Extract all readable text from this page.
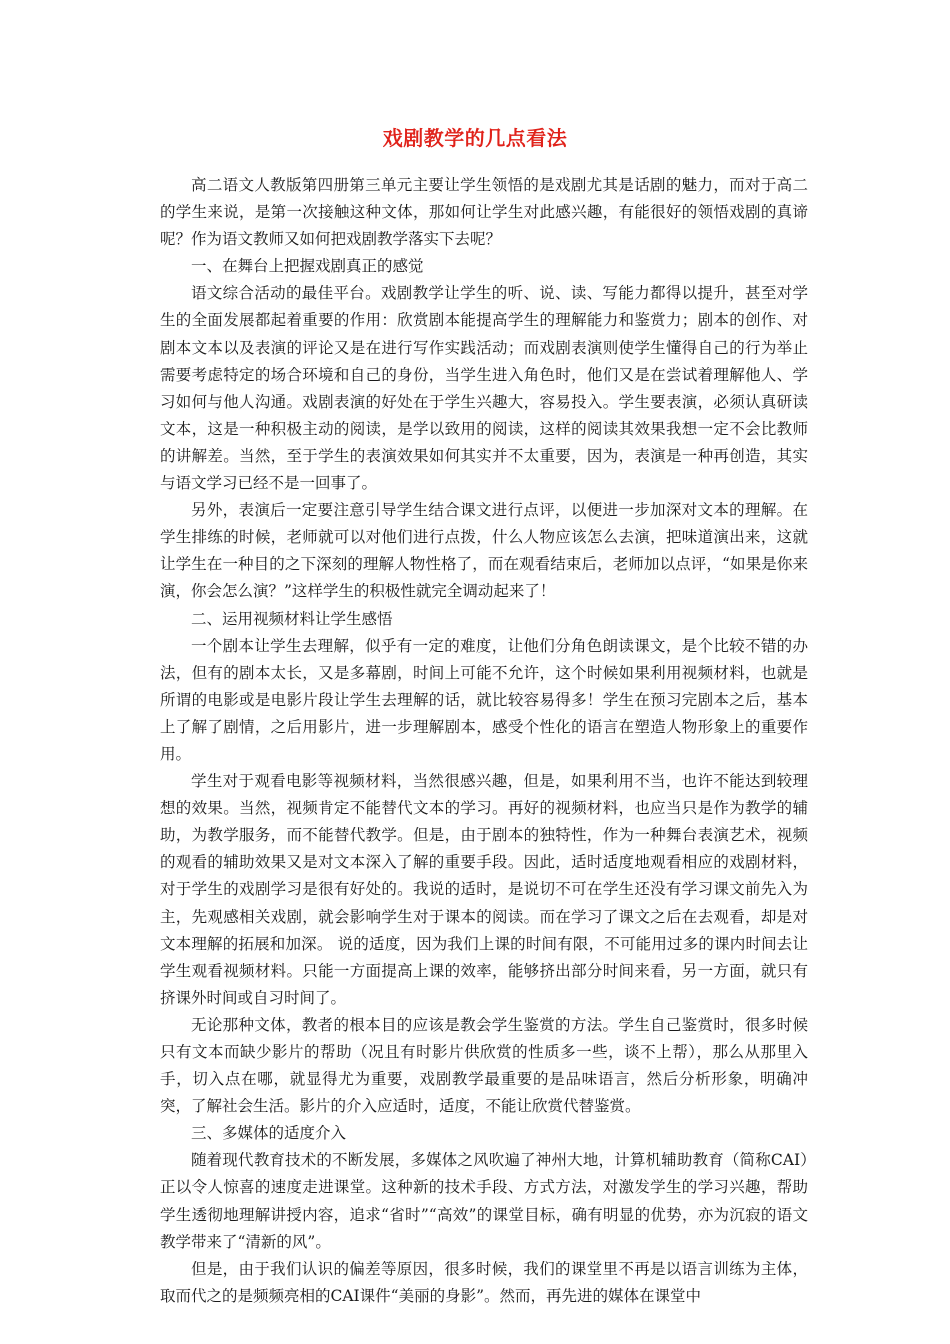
戏剧教学的几点看法

高二语文人教版第四册第三单元主要让学生领悟的是戏剧尤其是话剧的魅力，而对于高二的学生来说，是第一次接触这种文体，那如何让学生对此感兴趣，有能很好的领悟戏剧的真谛呢？作为语文教师又如何把戏剧教学落实下去呢？

一、在舞台上把握戏剧真正的感觉

语文综合活动的最佳平台。戏剧教学让学生的听、说、读、写能力都得以提升，甚至对学生的全面发展都起着重要的作用：欣赏剧本能提高学生的理解能力和鉴赏力；剧本的创作、对剧本文本以及表演的评论又是在进行写作实践活动；而戏剧表演则使学生懂得自己的行为举止需要考虑特定的场合环境和自己的身份，当学生进入角色时，他们又是在尝试着理解他人、学习如何与他人沟通。戏剧表演的好处在于学生兴趣大，容易投入。学生要表演，必须认真研读文本，这是一种积极主动的阅读，是学以致用的阅读，这样的阅读其效果我想一定不会比教师的讲解差。当然，至于学生的表演效果如何其实并不太重要，因为，表演是一种再创造，其实与语文学习已经不是一回事了。

另外，表演后一定要注意引导学生结合课文进行点评，以便进一步加深对文本的理解。在学生排练的时候，老师就可以对他们进行点拨，什么人物应该怎么去演，把味道演出来，这就让学生在一种目的之下深刻的理解人物性格了，而在观看结束后，老师加以点评，“如果是你来演，你会怎么演？”这样学生的积极性就完全调动起来了！

二、运用视频材料让学生感悟

一个剧本让学生去理解，似乎有一定的难度，让他们分角色朗读课文，是个比较不错的办法，但有的剧本太长，又是多幕剧，时间上可能不允许，这个时候如果利用视频材料，也就是所谓的电影或是电影片段让学生去理解的话，就比较容易得多！学生在预习完剧本之后，基本上了解了剧情，之后用影片，进一步理解剧本，感受个性化的语言在塑造人物形象上的重要作用。

学生对于观看电影等视频材料，当然很感兴趣，但是，如果利用不当，也许不能达到较理想的效果。当然，视频肯定不能替代文本的学习。再好的视频材料，也应当只是作为教学的辅助，为教学服务，而不能替代教学。但是，由于剧本的独特性，作为一种舞台表演艺术，视频的观看的辅助效果又是对文本深入了解的重要手段。因此，适时适度地观看相应的戏剧材料，对于学生的戏剧学习是很有好处的。我说的适时，是说切不可在学生还没有学习课文前先入为主，先观感相关戏剧，就会影响学生对于课本的阅读。而在学习了课文之后在去观看，却是对文本理解的拓展和加深。 说的适度，因为我们上课的时间有限，不可能用过多的课内时间去让学生观看视频材料。只能一方面提高上课的效率，能够挤出部分时间来看，另一方面，就只有挤课外时间或自习时间了。

无论那种文体，教者的根本目的应该是教会学生鉴赏的方法。学生自己鉴赏时，很多时候只有文本而缺少影片的帮助（况且有时影片供欣赏的性质多一些，谈不上帮），那么从那里入手，切入点在哪，就显得尤为重要，戏剧教学最重要的是品味语言，然后分析形象，明确冲突，了解社会生活。影片的介入应适时，适度，不能让欣赏代替鉴赏。

三、多媒体的适度介入

随着现代教育技术的不断发展，多媒体之风吹遍了神州大地，计算机辅助教育（简称CAI）正以令人惊喜的速度走进课堂。这种新的技术手段、方式方法，对激发学生的学习兴趣，帮助学生透彻地理解讲授内容，追求“省时”“高效”的课堂目标，确有明显的优势，亦为沉寂的语文教学带来了“清新的风”。

但是，由于我们认识的偏差等原因，很多时候，我们的课堂里不再是以语言训练为主体，取而代之的是频频亮相的CAI课件“美丽的身影”。然而，再先进的媒体在课堂中
